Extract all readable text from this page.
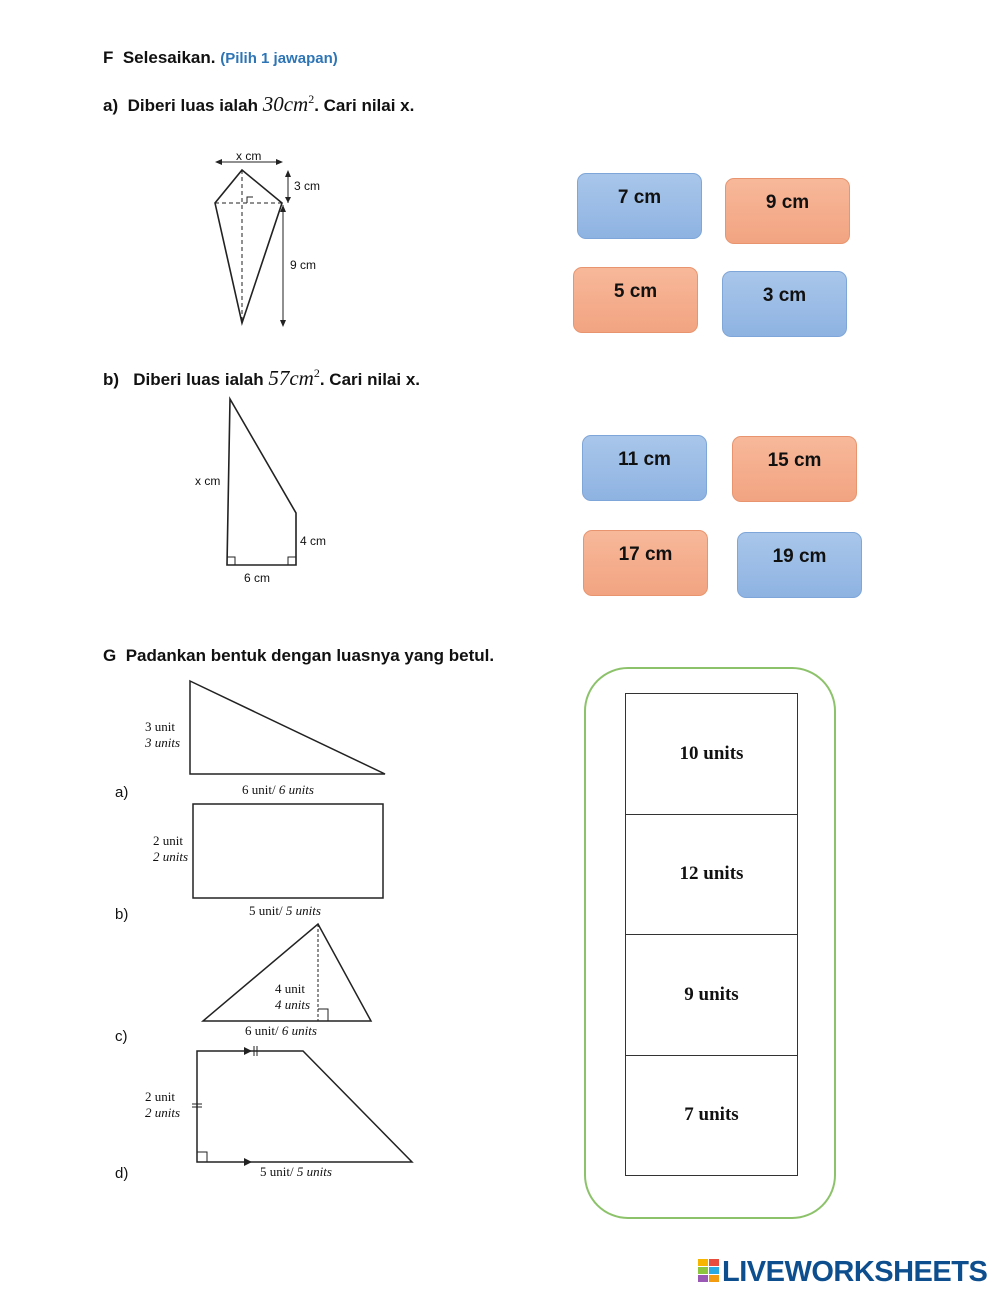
F Selesaikan. (Pilih 1 jawapan)
a) Diberi luas ialah $30cm^2$. Cari nilai x.
x cm
3 cm
9 cm
7 cm	9 cm
5 cm	3 cm
b) Diberi luas ialah $57cm^2$. Cari nilai x.
x cm
4 cm
6 cm
11 cm	15 cm
17 cm	19 cm
G Padankan bentuk dengan luasnya yang betul.
3 unit
3 units
6 unit/ 6 units
a)
2 unit
2 units
5 unit/ 5 units
b)
4 unit
4 units
6 unit/ 6 units
c)
2 unit
2 units
5 unit/ 5 units
d)
10 units
12 units
9 units
7 units
LIVEWORKSHEETS
